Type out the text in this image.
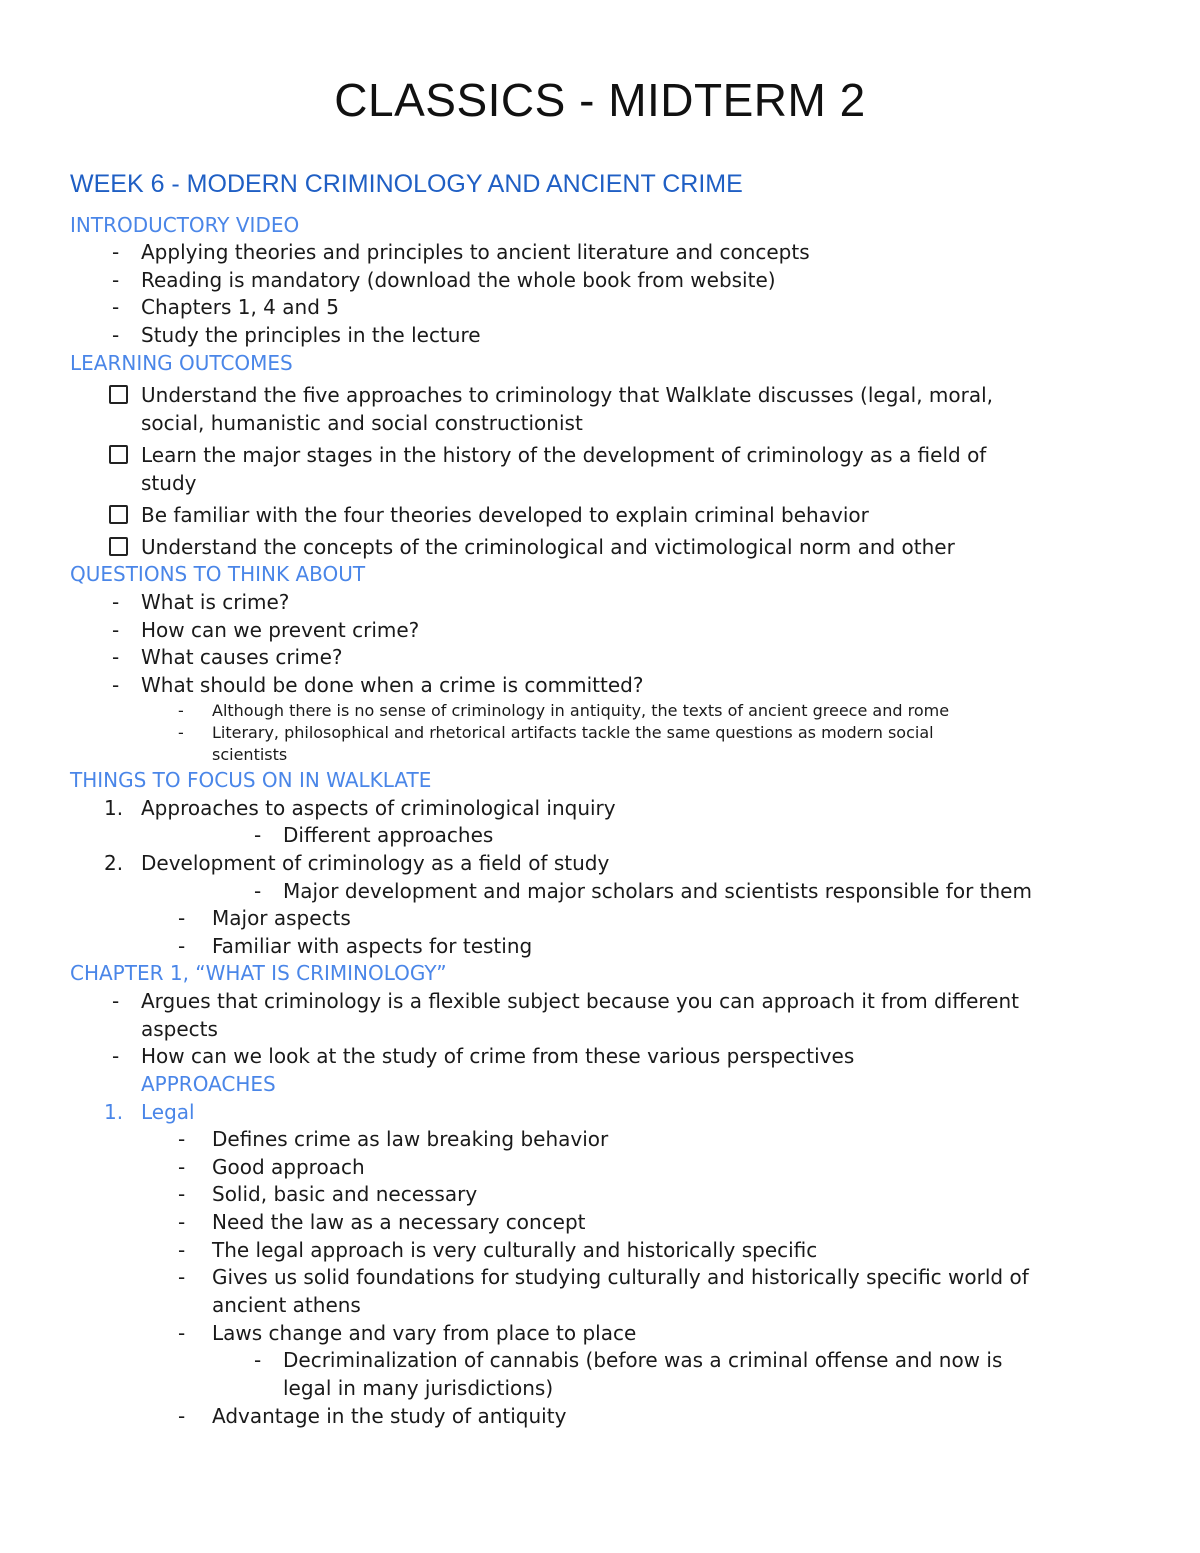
CLASSICS - MIDTERM 2
WEEK 6 - MODERN CRIMINOLOGY AND ANCIENT CRIME
INTRODUCTORY VIDEO
- Applying theories and principles to ancient literature and concepts
- Reading is mandatory (download the whole book from website)
- Chapters 1, 4 and 5
- Study the principles in the lecture
LEARNING OUTCOMES
Understand the five approaches to criminology that Walklate discusses (legal, moral,
social, humanistic and social constructionist
Learn the major stages in the history of the development of criminology as a field of
study
Be familiar with the four theories developed to explain criminal behavior
Understand the concepts of the criminological and victimological norm and other
QUESTIONS TO THINK ABOUT
- What is crime?
- How can we prevent crime?
- What causes crime?
- What should be done when a crime is committed?
- Although there is no sense of criminology in antiquity, the texts of ancient greece and rome
- Literary, philosophical and rhetorical artifacts tackle the same questions as modern social
scientists
THINGS TO FOCUS ON IN WALKLATE
1. Approaches to aspects of criminological inquiry
- Different approaches
2. Development of criminology as a field of study
- Major development and major scholars and scientists responsible for them
- Major aspects
- Familiar with aspects for testing
CHAPTER 1, “WHAT IS CRIMINOLOGY”
- Argues that criminology is a flexible subject because you can approach it from different
aspects
- How can we look at the study of crime from these various perspectives
APPROACHES
1. Legal
- Defines crime as law breaking behavior
- Good approach
- Solid, basic and necessary
- Need the law as a necessary concept
- The legal approach is very culturally and historically specific
- Gives us solid foundations for studying culturally and historically specific world of
ancient athens
- Laws change and vary from place to place
- Decriminalization of cannabis (before was a criminal offense and now is
legal in many jurisdictions)
- Advantage in the study of antiquity
